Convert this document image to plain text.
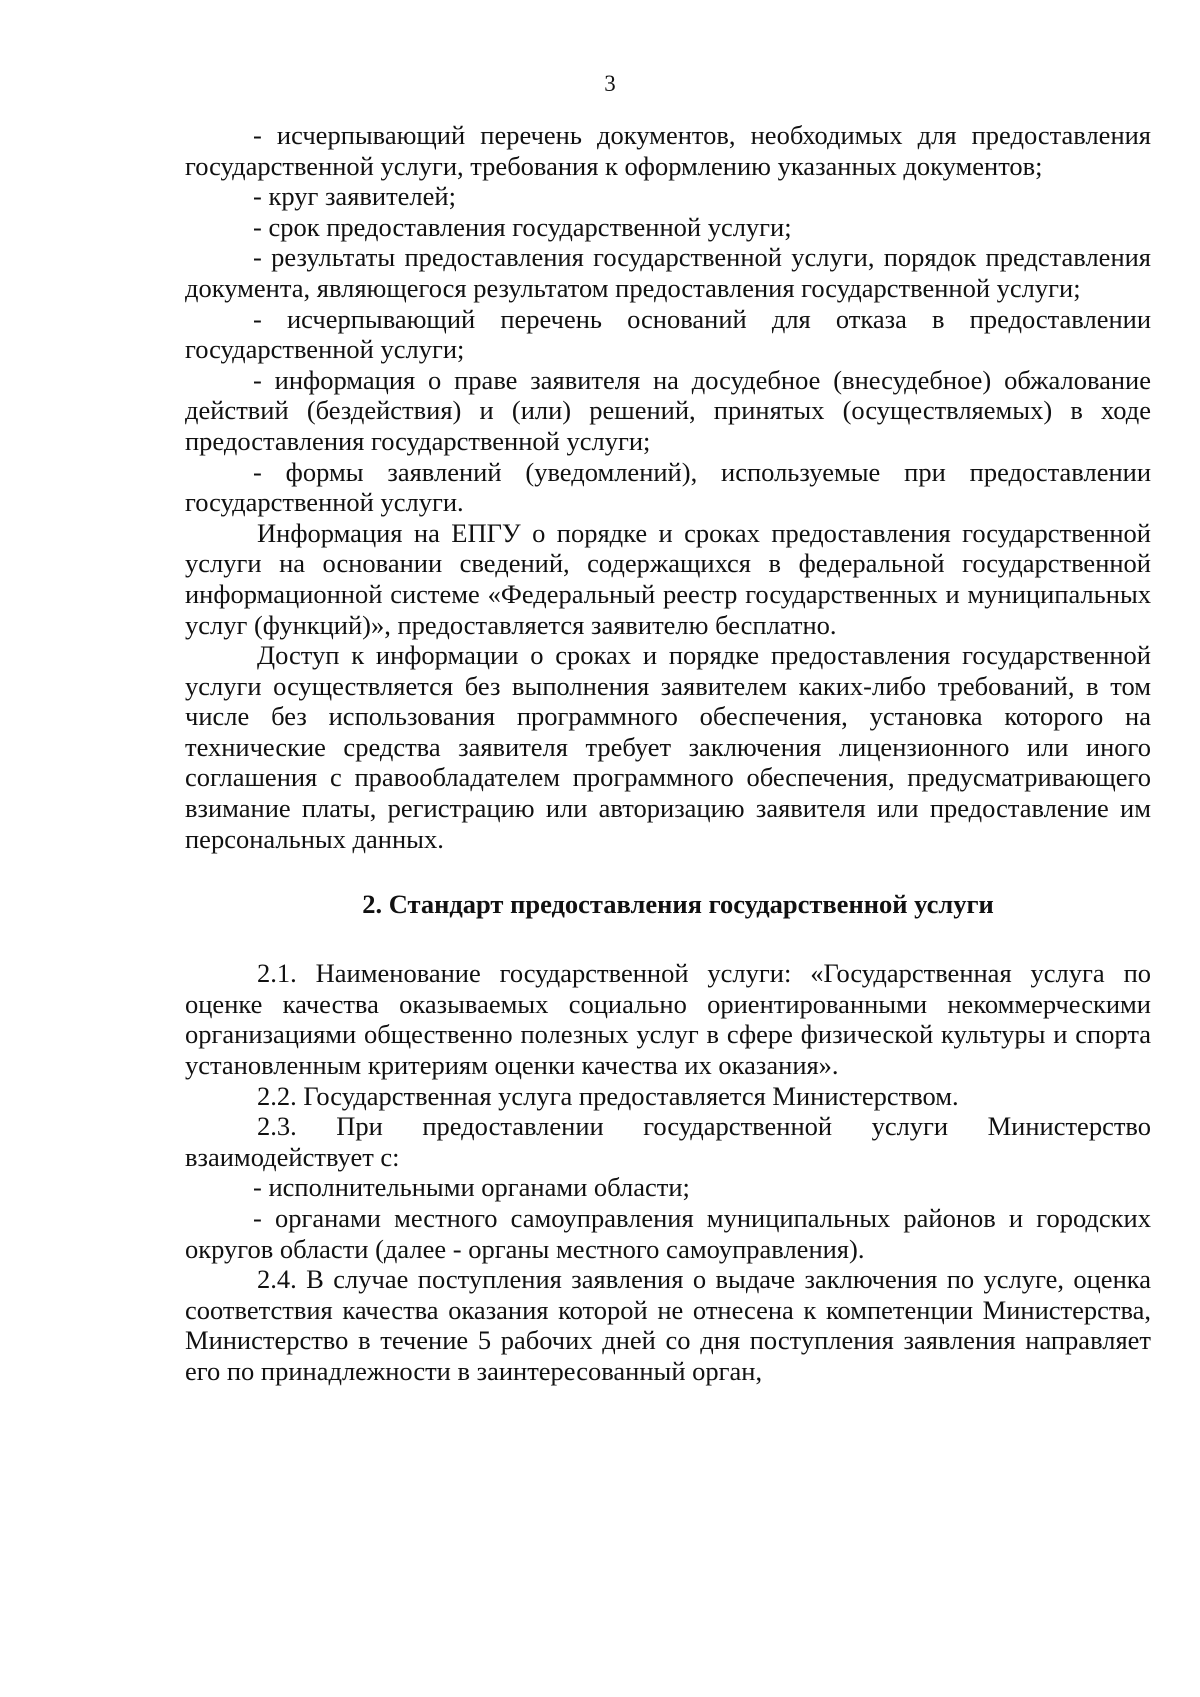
3

- исчерпывающий перечень документов, необходимых для предоставления государственной услуги, требования к оформлению указанных документов;

- круг заявителей;

- срок предоставления государственной услуги;

- результаты предоставления государственной услуги, порядок представления документа, являющегося результатом предоставления государственной услуги;

- исчерпывающий перечень оснований для отказа в предоставлении государственной услуги;

- информация о праве заявителя на досудебное (внесудебное) обжалование действий (бездействия) и (или) решений, принятых (осуществляемых) в ходе предоставления государственной услуги;

- формы заявлений (уведомлений), используемые при предоставлении государственной услуги.

Информация на ЕПГУ о порядке и сроках предоставления государственной услуги на основании сведений, содержащихся в федеральной государственной информационной системе «Федеральный реестр государственных и муниципальных услуг (функций)», предоставляется заявителю бесплатно.

Доступ к информации о сроках и порядке предоставления государственной услуги осуществляется без выполнения заявителем каких-либо требований, в том числе без использования программного обеспечения, установка которого на технические средства заявителя требует заключения лицензионного или иного соглашения с правообладателем программного обеспечения, предусматривающего взимание платы, регистрацию или авторизацию заявителя или предоставление им персональных данных.

2. Стандарт предоставления государственной услуги

2.1. Наименование государственной услуги: «Государственная услуга по оценке качества оказываемых социально ориентированными некоммерческими организациями общественно полезных услуг в сфере физической культуры и спорта установленным критериям оценки качества их оказания».

2.2. Государственная услуга предоставляется Министерством.

2.3. При предоставлении государственной услуги Министерство взаимодействует с:

- исполнительными органами области;

- органами местного самоуправления муниципальных районов и городских округов области (далее - органы местного самоуправления).

2.4. В случае поступления заявления о выдаче заключения по услуге, оценка соответствия качества оказания которой не отнесена к компетенции Министерства, Министерство в течение 5 рабочих дней со дня поступления заявления направляет его по принадлежности в заинтересованный орган,
